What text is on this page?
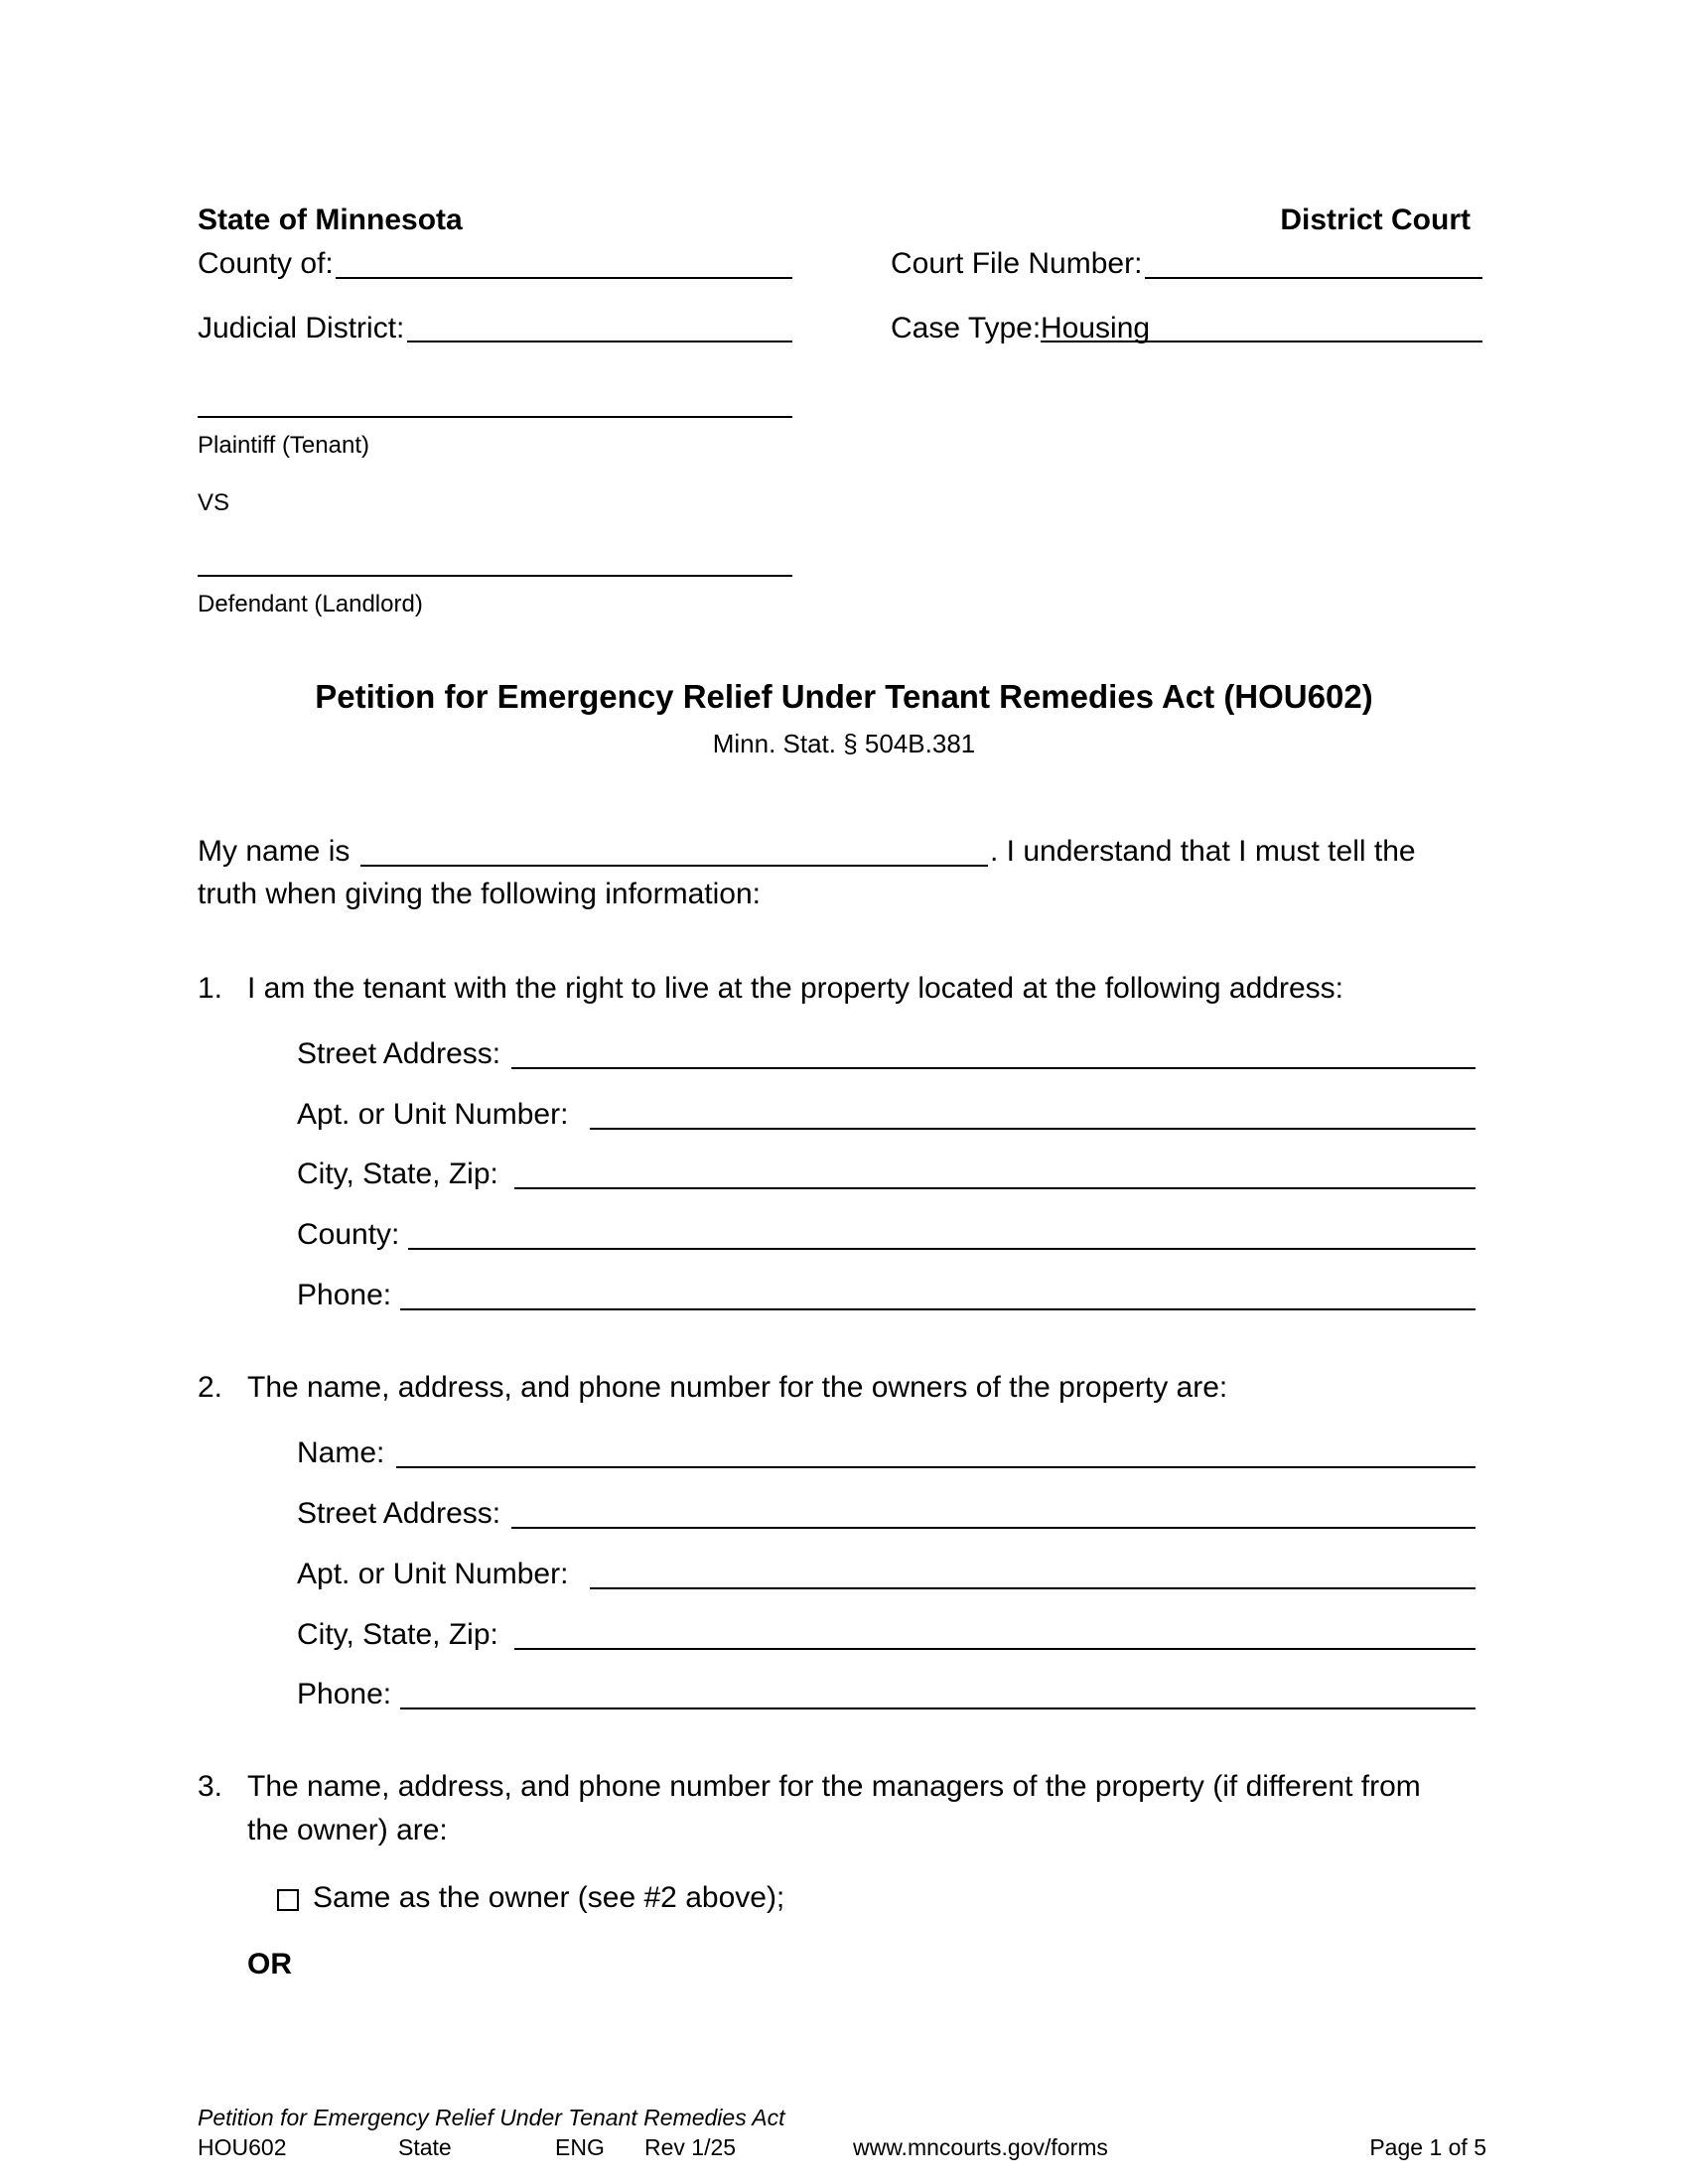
State of Minnesota	District Court
County of:	Court File Number:
Judicial District:	Case Type: Housing
Plaintiff (Tenant)
VS
Defendant (Landlord)
Petition for Emergency Relief Under Tenant Remedies Act (HOU602)
Minn. Stat. § 504B.381
My name is	. I understand that I must tell the
truth when giving the following information:
1. I am the tenant with the right to live at the property located at the following address:
Street Address:
Apt. or Unit Number:
City, State, Zip:
County:
Phone:
2. The name, address, and phone number for the owners of the property are:
Name:
Street Address:
Apt. or Unit Number:
City, State, Zip:
Phone:
3. The name, address, and phone number for the managers of the property (if different from
the owner) are:
Same as the owner (see #2 above);
OR
Petition for Emergency Relief Under Tenant Remedies Act
HOU602	State	ENG Rev 1/25	www.mncourts.gov/forms	Page 1 of 5
